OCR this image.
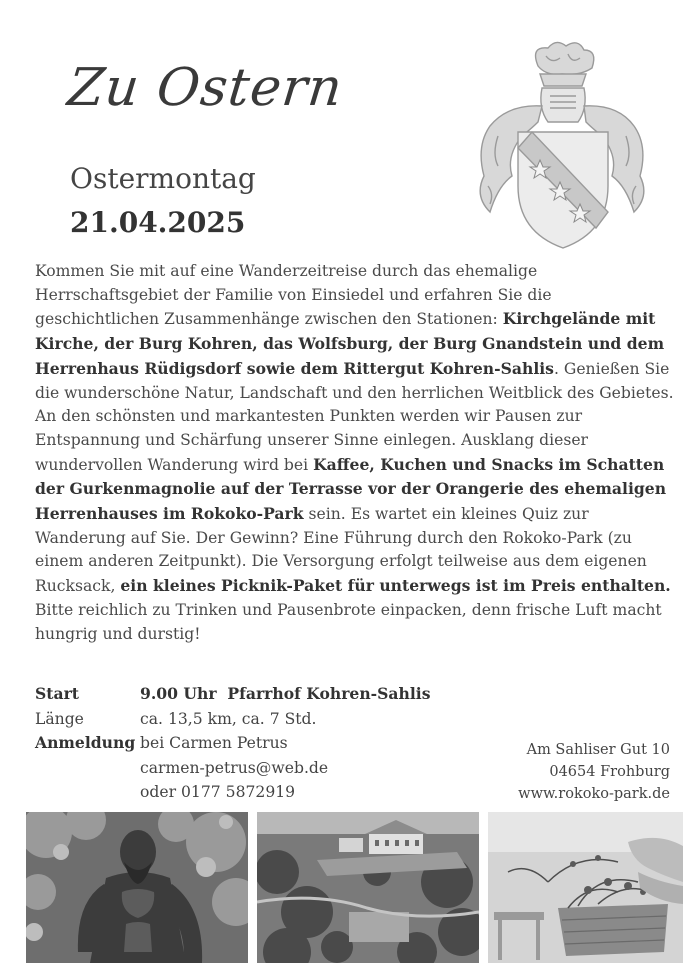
Zu Ostern
Ostermontag
21.04.2025
Kommen Sie mit auf eine Wanderzeitreise durch das ehemalige Herrschaftsgebiet der Familie von Einsiedel und erfahren Sie die geschichtlichen Zusammenhänge zwischen den Stationen: Kirchgelände mit Kirche, der Burg Kohren, das Wolfsburg, der Burg Gnandstein und dem Herrenhaus Rüdigsdorf sowie dem Rittergut Kohren-Sahlis. Genießen Sie die wunderschöne Natur, Landschaft und den herrlichen Weitblick des Gebietes. An den schönsten und markantesten Punkten werden wir Pausen zur Entspannung und Schärfung unserer Sinne einlegen. Ausklang dieser wundervollen Wanderung wird bei Kaffee, Kuchen und Snacks im Schatten der Gurkenmagnolie auf der Terrasse vor der Orangerie des ehemaligen Herrenhauses im Rokoko-Park sein. Es wartet ein kleines Quiz zur Wanderung auf Sie. Der Gewinn? Eine Führung durch den Rokoko-Park (zu einem anderen Zeitpunkt). Die Versorgung erfolgt teilweise aus dem eigenen Rucksack, ein kleines Picknik-Paket für unterwegs ist im Preis enthalten. Bitte reichlich zu Trinken und Pausenbrote einpacken, denn frische Luft macht hungrig und durstig!
Start	9.00 Uhr  Pfarrhof Kohren-Sahlis
Länge	ca. 13,5 km, ca. 7 Std.
Anmeldung bei Carmen Petrus
carmen-petrus@web.de
oder 0177 5872919
Am Sahliser Gut 10
04654 Frohburg
www.rokoko-park.de
